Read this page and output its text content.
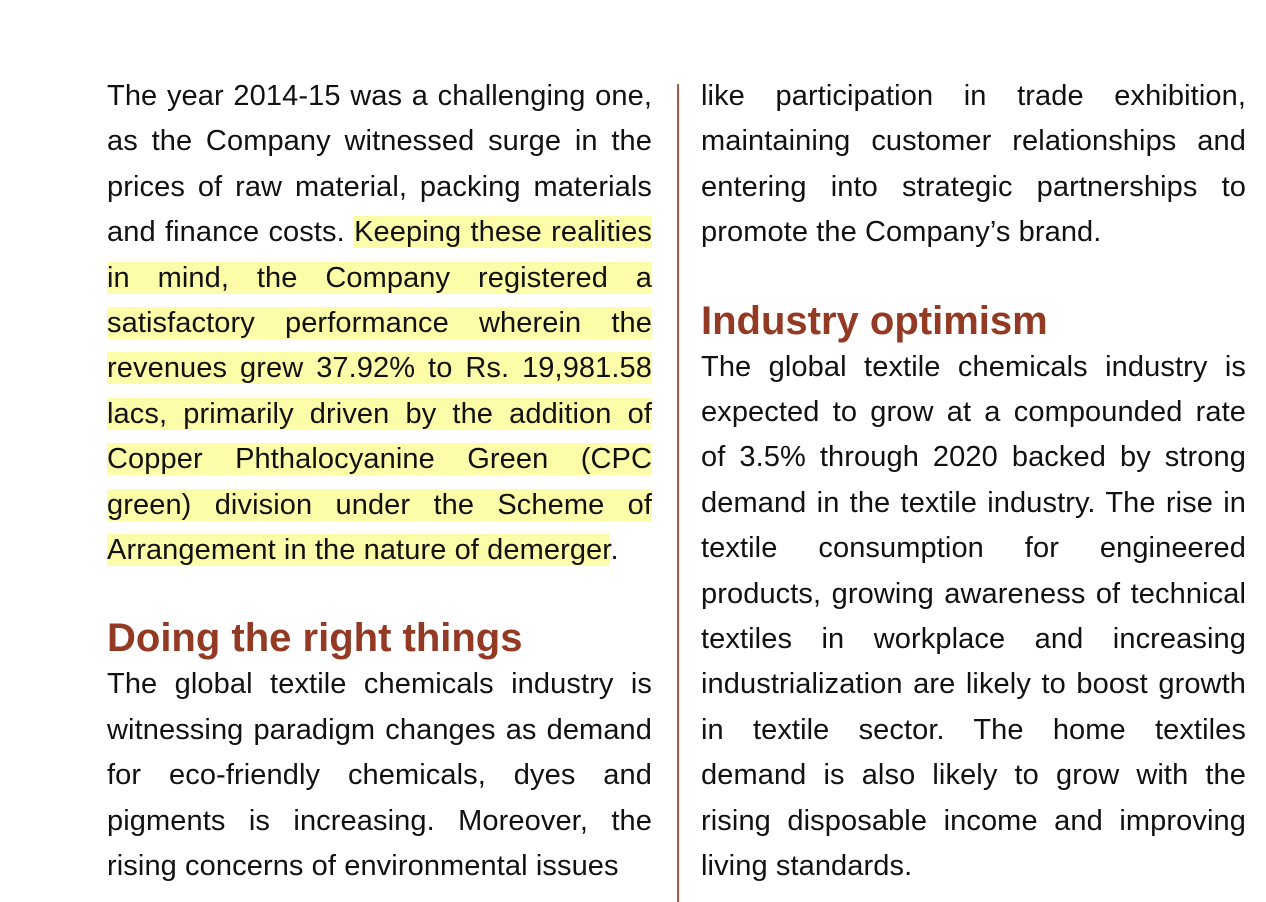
The year 2014-15 was a challenging one, as the Company witnessed surge in the prices of raw material, packing materials and finance costs. Keeping these realities in mind, the Company registered a satisfactory performance wherein the revenues grew 37.92% to Rs. 19,981.58 lacs, primarily driven by the addition of Copper Phthalocyanine Green (CPC green) division under the Scheme of Arrangement in the nature of demerger.

Doing the right things

The global textile chemicals industry is witnessing paradigm changes as demand for eco-friendly chemicals, dyes and pigments is increasing. Moreover, the rising concerns of environmental issues

like participation in trade exhibition, maintaining customer relationships and entering into strategic partnerships to promote the Company’s brand.

Industry optimism

The global textile chemicals industry is expected to grow at a compounded rate of 3.5% through 2020 backed by strong demand in the textile industry. The rise in textile consumption for engineered products, growing awareness of technical textiles in workplace and increasing industrialization are likely to boost growth in textile sector. The home textiles demand is also likely to grow with the rising disposable income and improving living standards.
